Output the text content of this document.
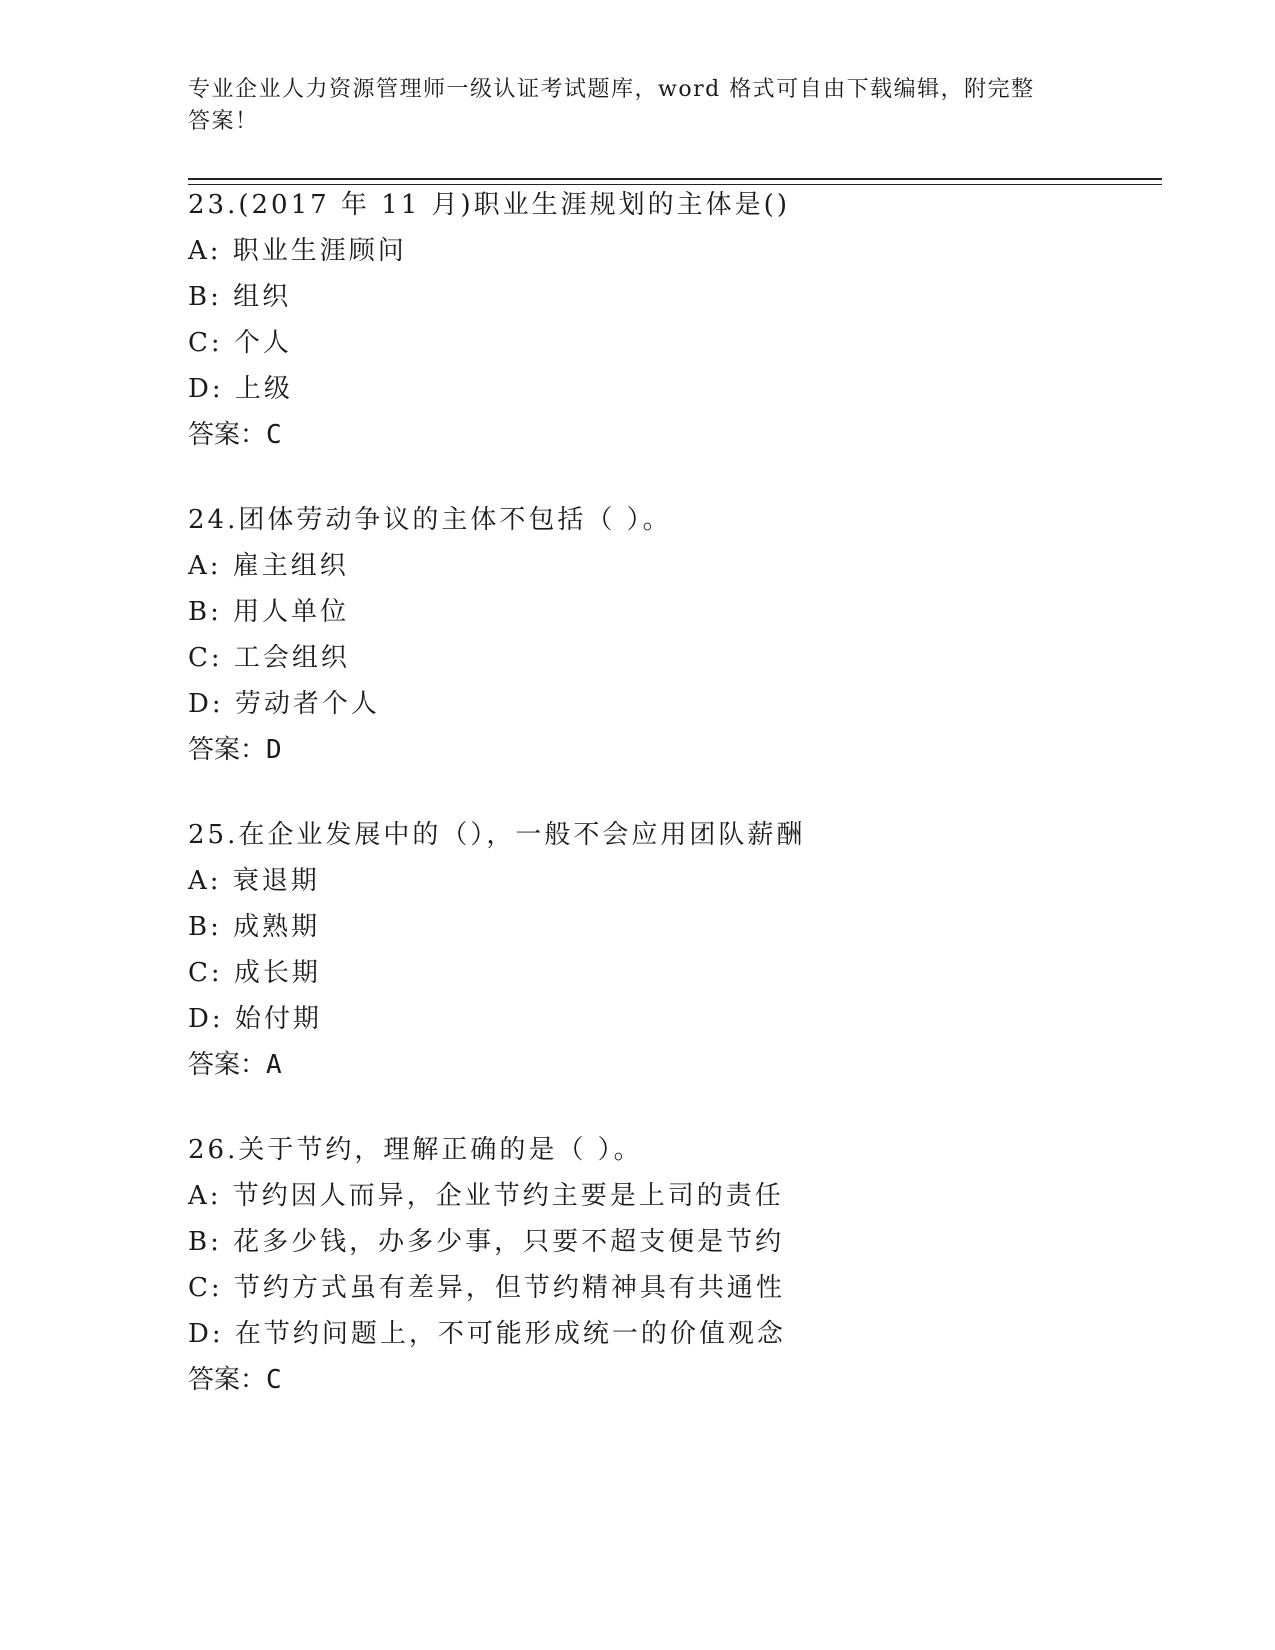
专业企业人力资源管理师一级认证考试题库，word 格式可自由下载编辑，附完整
答案！
23.(2017 年 11 月)职业生涯规划的主体是()
A: 职业生涯顾问
B: 组织
C: 个人
D: 上级
答案：C
24.团体劳动争议的主体不包括（ ）。
A: 雇主组织
B: 用人单位
C: 工会组织
D: 劳动者个人
答案：D
25.在企业发展中的（），一般不会应用团队薪酬
A: 衰退期
B: 成熟期
C: 成长期
D: 始付期
答案：A
26.关于节约，理解正确的是（ ）。
A: 节约因人而异，企业节约主要是上司的责任
B: 花多少钱，办多少事，只要不超支便是节约
C: 节约方式虽有差异，但节约精神具有共通性
D: 在节约问题上，不可能形成统一的价值观念
答案：C
